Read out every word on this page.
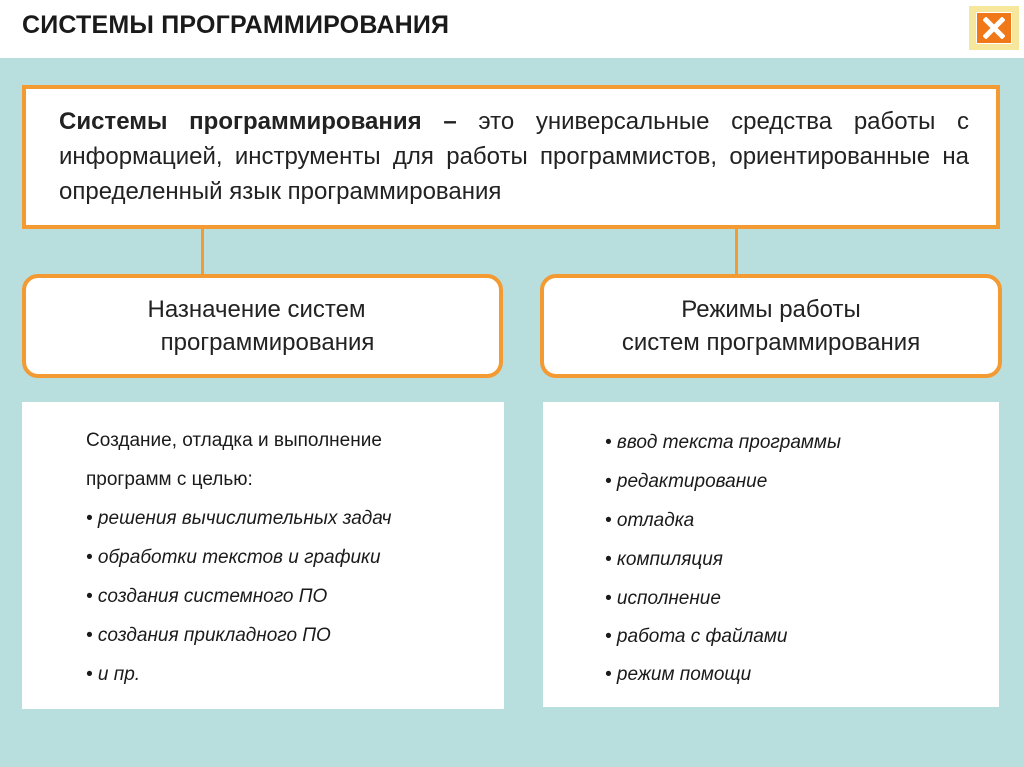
СИСТЕМЫ ПРОГРАММИРОВАНИЯ
Системы программирования – это универсальные средства работы с информацией, инструменты для работы программистов, ориентированные на определенный язык программирования
Назначение систем
программирования
Режимы работы
систем программирования
Создание, отладка и выполнение
программ с целью:
• решения вычислительных задач
• обработки текстов и графики
• создания системного ПО
• создания прикладного ПО
• и пр.
• ввод текста программы
• редактирование
• отладка
• компиляция
• исполнение
• работа с файлами
• режим помощи
